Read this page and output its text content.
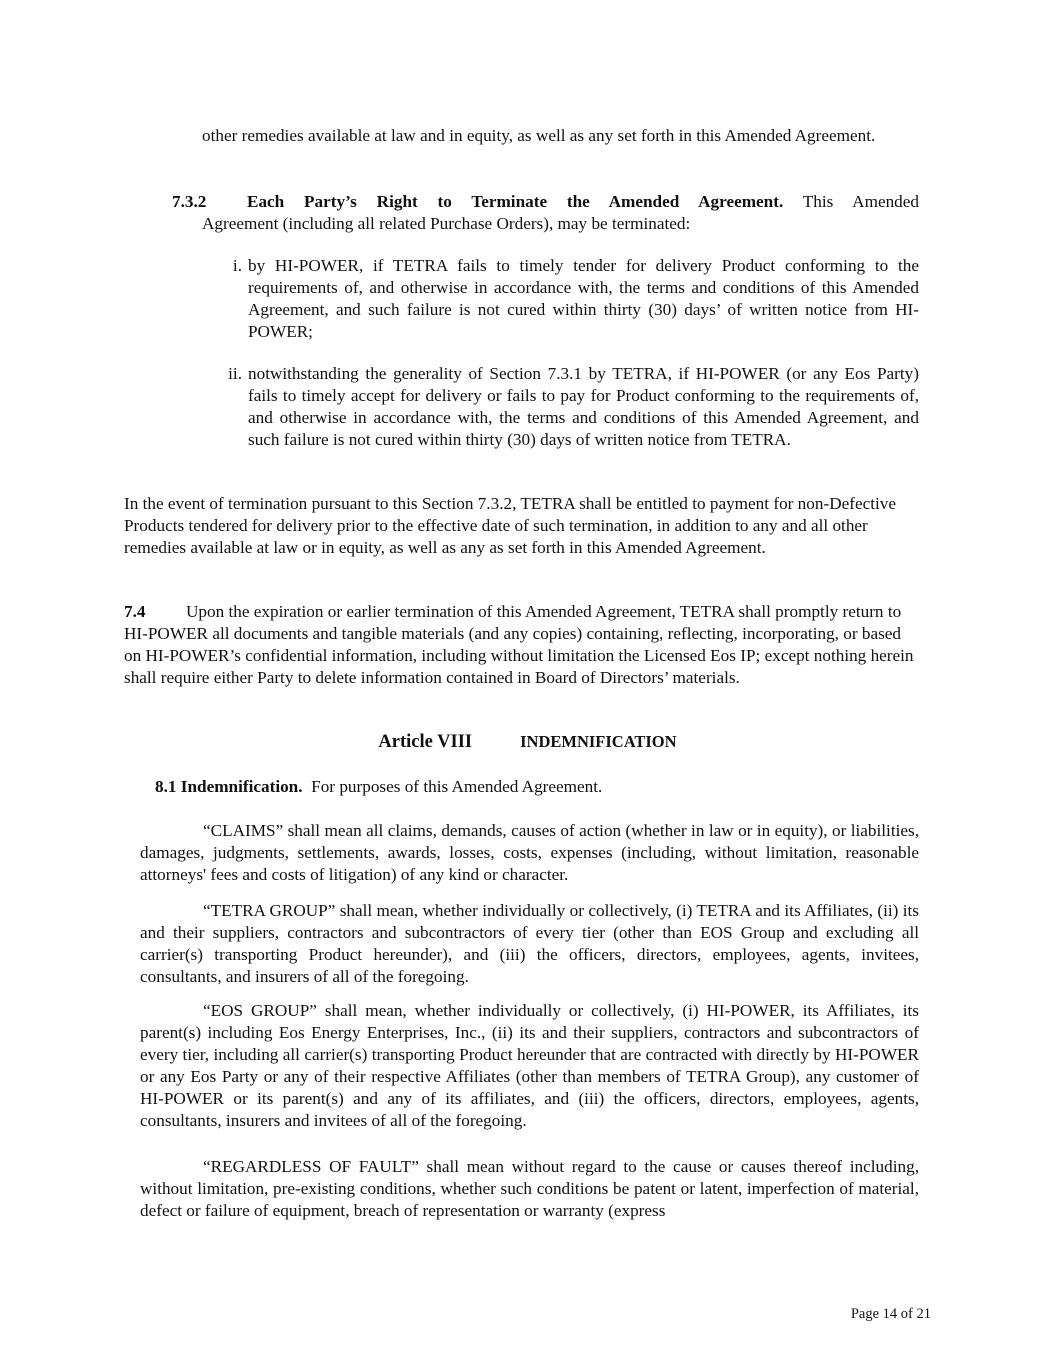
other remedies available at law and in equity, as well as any set forth in this Amended Agreement.
7.3.2 Each Party’s Right to Terminate the Amended Agreement. This Amended
Agreement (including all related Purchase Orders), may be terminated:
i. by HI-POWER, if TETRA fails to timely tender for delivery Product conforming to the requirements of, and otherwise in accordance with, the terms and conditions of this Amended Agreement, and such failure is not cured within thirty (30) days’ of written notice from HI-POWER;
ii. notwithstanding the generality of Section 7.3.1 by TETRA, if HI-POWER (or any Eos Party) fails to timely accept for delivery or fails to pay for Product conforming to the requirements of, and otherwise in accordance with, the terms and conditions of this Amended Agreement, and such failure is not cured within thirty (30) days of written notice from TETRA.
In the event of termination pursuant to this Section 7.3.2, TETRA shall be entitled to payment for non-Defective Products tendered for delivery prior to the effective date of such termination, in addition to any and all other remedies available at law or in equity, as well as any as set forth in this Amended Agreement.
7.4 Upon the expiration or earlier termination of this Amended Agreement, TETRA shall promptly return to HI-POWER all documents and tangible materials (and any copies) containing, reflecting, incorporating, or based on HI-POWER’s confidential information, including without limitation the Licensed Eos IP; except nothing herein shall require either Party to delete information contained in Board of Directors’ materials.
Article VIII	INDEMNIFICATION
8.1 Indemnification. For purposes of this Amended Agreement.
“CLAIMS” shall mean all claims, demands, causes of action (whether in law or in equity), or liabilities, damages, judgments, settlements, awards, losses, costs, expenses (including, without limitation, reasonable attorneys' fees and costs of litigation) of any kind or character.
“TETRA GROUP” shall mean, whether individually or collectively, (i) TETRA and its Affiliates, (ii) its and their suppliers, contractors and subcontractors of every tier (other than EOS Group and excluding all carrier(s) transporting Product hereunder), and (iii) the officers, directors, employees, agents, invitees, consultants, and insurers of all of the foregoing.
“EOS GROUP” shall mean, whether individually or collectively, (i) HI-POWER, its Affiliates, its parent(s) including Eos Energy Enterprises, Inc., (ii) its and their suppliers, contractors and subcontractors of every tier, including all carrier(s) transporting Product hereunder that are contracted with directly by HI-POWER or any Eos Party or any of their respective Affiliates (other than members of TETRA Group), any customer of HI-POWER or its parent(s) and any of its affiliates, and (iii) the officers, directors, employees, agents, consultants, insurers and invitees of all of the foregoing.
“REGARDLESS OF FAULT” shall mean without regard to the cause or causes thereof including, without limitation, pre-existing conditions, whether such conditions be patent or latent, imperfection of material, defect or failure of equipment, breach of representation or warranty (express
Page 14 of 21
